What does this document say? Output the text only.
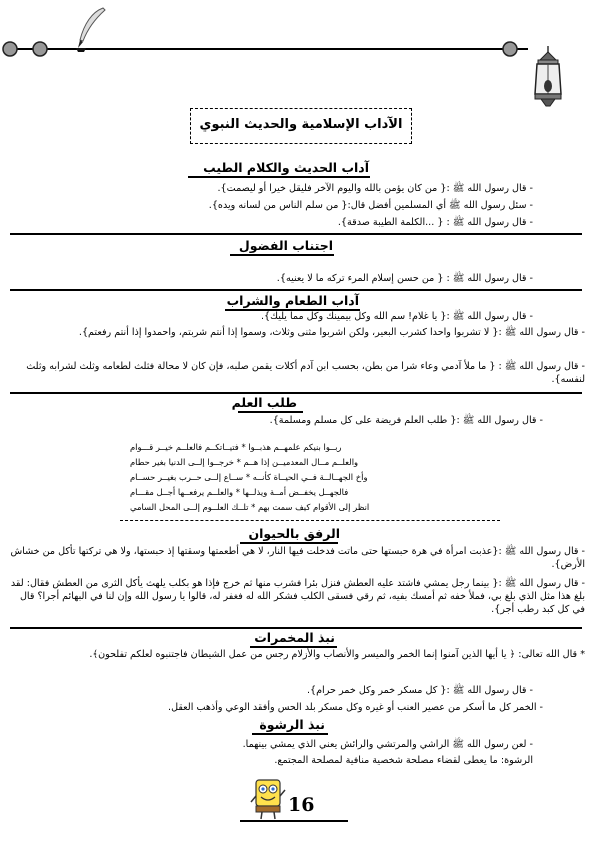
الآداب الإسلامية والحديث النبوي
آداب الحديث والكلام الطيب
- قال رسول الله ﷺ :{ من كان يؤمن بالله واليوم الآخر فليقل خيرا أو ليصمت}.
- سئل رسول الله ﷺ أي المسلمين أفضل قال:{ من سلم الناس من لسانه ويده}.
- قال رسول الله ﷺ : { ...الكلمة الطيبة صدقة}.
اجتناب الفضول
- قال رسول الله ﷺ : { من حسن إسلام المرء تركه ما لا يعنيه}.
آداب الطعام والشراب
- قال رسول الله ﷺ :{ يا غلام! سم الله وكل بيمينك وكل مما يليك}.
- قال رسول الله ﷺ :{ لا تشربوا واحدا كشرب البعير، ولكن اشربوا مثنى وثلاث، وسموا إذا أنتم شربتم، واحمدوا إذا أنتم رفعتم}.
- قال رسول الله ﷺ : { ما ملأ آدمي وعاء شرا من بطن، بحسب ابن آدم أكلات يقمن صلبه، فإن كان لا محالة فثلث لطعامه وثلث لشرابه وثلث لنفسه}.
طلب العلم
- قال رسول الله ﷺ :{ طلب العلم فريضة على كل مسلم ومسلمة}.
ربــوا بنيكم علمهــم هذبــوا * فتيــاتكــم فالعلــم خيــر قـــوام
والعلــم مــال المعدميــن إذا هــم * خرجــوا إلــى الدنيا بغير حطام
وأخ الجهــالــة فــي الحيــاة كأنــه * ســاع إلــى حــرب بغيــر حســام
فالجهــل يخفــض أمــة ويذلــها * والعلــم يرفعــها أجــل مقـــام
انظر إلى الأقوام كيف سمت بهم * تلــك العلــوم إلــى المحل السامي
الرفق بالحيوان
- قال رسول الله ﷺ :{عذبت امرأة في هرة حبستها حتى ماتت فدخلت فيها النار، لا هي أطعمتها وسقتها إذ حبستها، ولا هي تركتها تأكل من خشاش الأرض}.
- قال رسول الله ﷺ :{ بينما رجل يمشي فاشتد عليه العطش فنزل بئرا فشرب منها ثم خرج فإذا هو بكلب يلهث يأكل الثرى من العطش فقال: لقد بلغ هذا مثل الذي بلغ بي، فملأ خفه ثم أمسك بفيه، ثم رقي فسقى الكلب فشكر الله له فغفر له، قالوا يا رسول الله وإن لنا في البهائم أجرا؟ قال في كل كبد رطب أجر}.
نبذ المخمرات
* قال الله تعالى: ﴿ يا أيها الذين آمنوا إنما الخمر والميسر والأنصاب والأزلام رجس من عمل الشيطان فاجتنبوه لعلكم تفلحون﴾.
- قال رسول الله ﷺ :{ كل مسكر خمر وكل خمر حرام}.
- الخمر كل ما أسكر من عصير العنب أو غيره وكل مسكر بلد الحس وأفقد الوعي وأذهب العقل.
نبذ الرشوة
- لعن رسول الله ﷺ الراشي والمرتشي والرائش يعني الذي يمشي بينهما.
الرشوة: ما يعطى لقضاء مصلحة شخصية منافية لمصلحة المجتمع.
16
